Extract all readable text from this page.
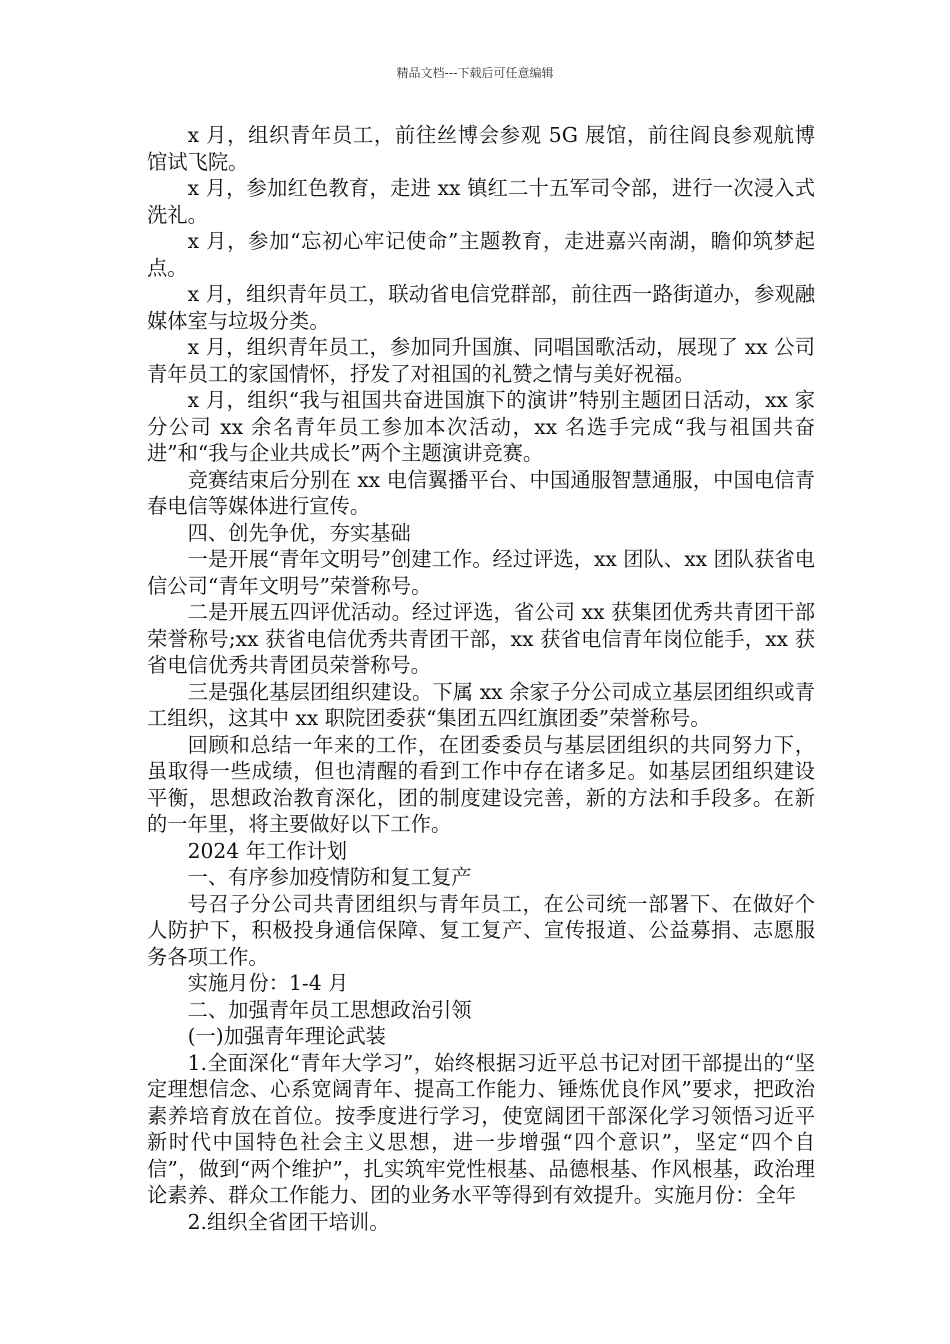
精品文档---下载后可任意编辑

x 月，组织青年员工，前往丝博会参观 5G 展馆，前往阎良参观航博馆试飞院。

x 月，参加红色教育，走进 xx 镇红二十五军司令部，进行一次浸入式洗礼。

x 月，参加“忘初心牢记使命”主题教育，走进嘉兴南湖，瞻仰筑梦起点。

x 月，组织青年员工，联动省电信党群部，前往西一路街道办，参观融媒体室与垃圾分类。

x 月，组织青年员工，参加同升国旗、同唱国歌活动，展现了 xx 公司青年员工的家国情怀，抒发了对祖国的礼赞之情与美好祝福。

x 月，组织“我与祖国共奋进国旗下的演讲”特别主题团日活动，xx 家分公司 xx 余名青年员工参加本次活动，xx 名选手完成“我与祖国共奋进”和“我与企业共成长”两个主题演讲竞赛。

竞赛结束后分别在 xx 电信翼播平台、中国通服智慧通服，中国电信青春电信等媒体进行宣传。

四、创先争优，夯实基础

一是开展“青年文明号”创建工作。经过评选，xx 团队、xx 团队获省电信公司“青年文明号”荣誉称号。

二是开展五四评优活动。经过评选，省公司 xx 获集团优秀共青团干部荣誉称号;xx 获省电信优秀共青团干部，xx 获省电信青年岗位能手，xx 获省电信优秀共青团员荣誉称号。

三是强化基层团组织建设。下属 xx 余家子分公司成立基层团组织或青工组织，这其中 xx 职院团委获“集团五四红旗团委”荣誉称号。

回顾和总结一年来的工作，在团委委员与基层团组织的共同努力下，虽取得一些成绩，但也清醒的看到工作中存在诸多足。如基层团组织建设平衡，思想政治教育深化，团的制度建设完善，新的方法和手段多。在新的一年里，将主要做好以下工作。

2024 年工作计划

一、有序参加疫情防和复工复产

号召子分公司共青团组织与青年员工，在公司统一部署下、在做好个人防护下，积极投身通信保障、复工复产、宣传报道、公益募捐、志愿服务各项工作。

实施月份：1-4 月

二、加强青年员工思想政治引领

(一)加强青年理论武装

1.全面深化“青年大学习”，始终根据习近平总书记对团干部提出的“坚定理想信念、心系宽阔青年、提高工作能力、锤炼优良作风”要求，把政治素养培育放在首位。按季度进行学习，使宽阔团干部深化学习领悟习近平新时代中国特色社会主义思想，进一步增强“四个意识”，坚定“四个自信”，做到“两个维护”，扎实筑牢党性根基、品德根基、作风根基，政治理论素养、群众工作能力、团的业务水平等得到有效提升。实施月份：全年

2.组织全省团干培训。
